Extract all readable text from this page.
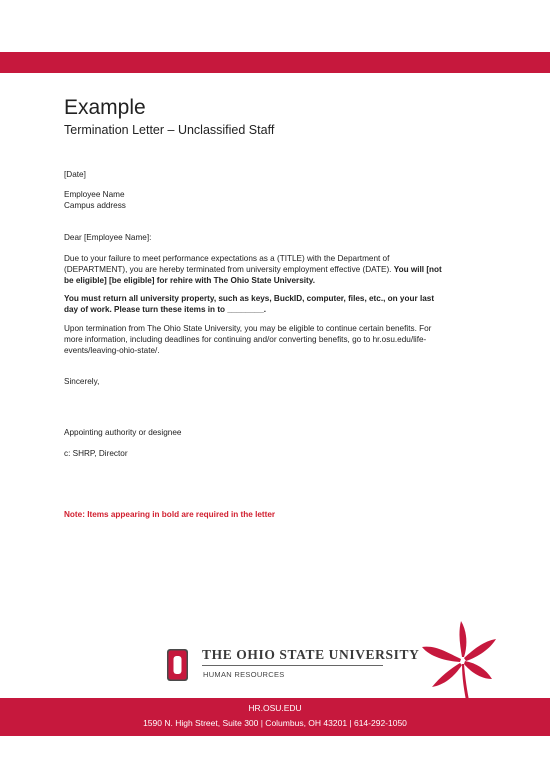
Example
Termination Letter – Unclassified Staff
[Date]
Employee Name
Campus address
Dear [Employee Name]:
Due to your failure to meet performance expectations as a (TITLE) with the Department of
(DEPARTMENT), you are hereby terminated from university employment effective (DATE). You will [not
be eligible] [be eligible] for rehire with The Ohio State University.
You must return all university property, such as keys, BuckID, computer, files, etc., on your last
day of work. Please turn these items in to ________.
Upon termination from The Ohio State University, you may be eligible to continue certain benefits. For
more information, including deadlines for continuing and/or converting benefits, go to hr.osu.edu/life-
events/leaving-ohio-state/.
Sincerely,
Appointing authority or designee
c: SHRP, Director
Note: Items appearing in bold are required in the letter
THE OHIO STATE UNIVERSITY
HUMAN RESOURCES
HR.OSU.EDU
1590 N. High Street, Suite 300 | Columbus, OH 43201 | 614-292-1050
